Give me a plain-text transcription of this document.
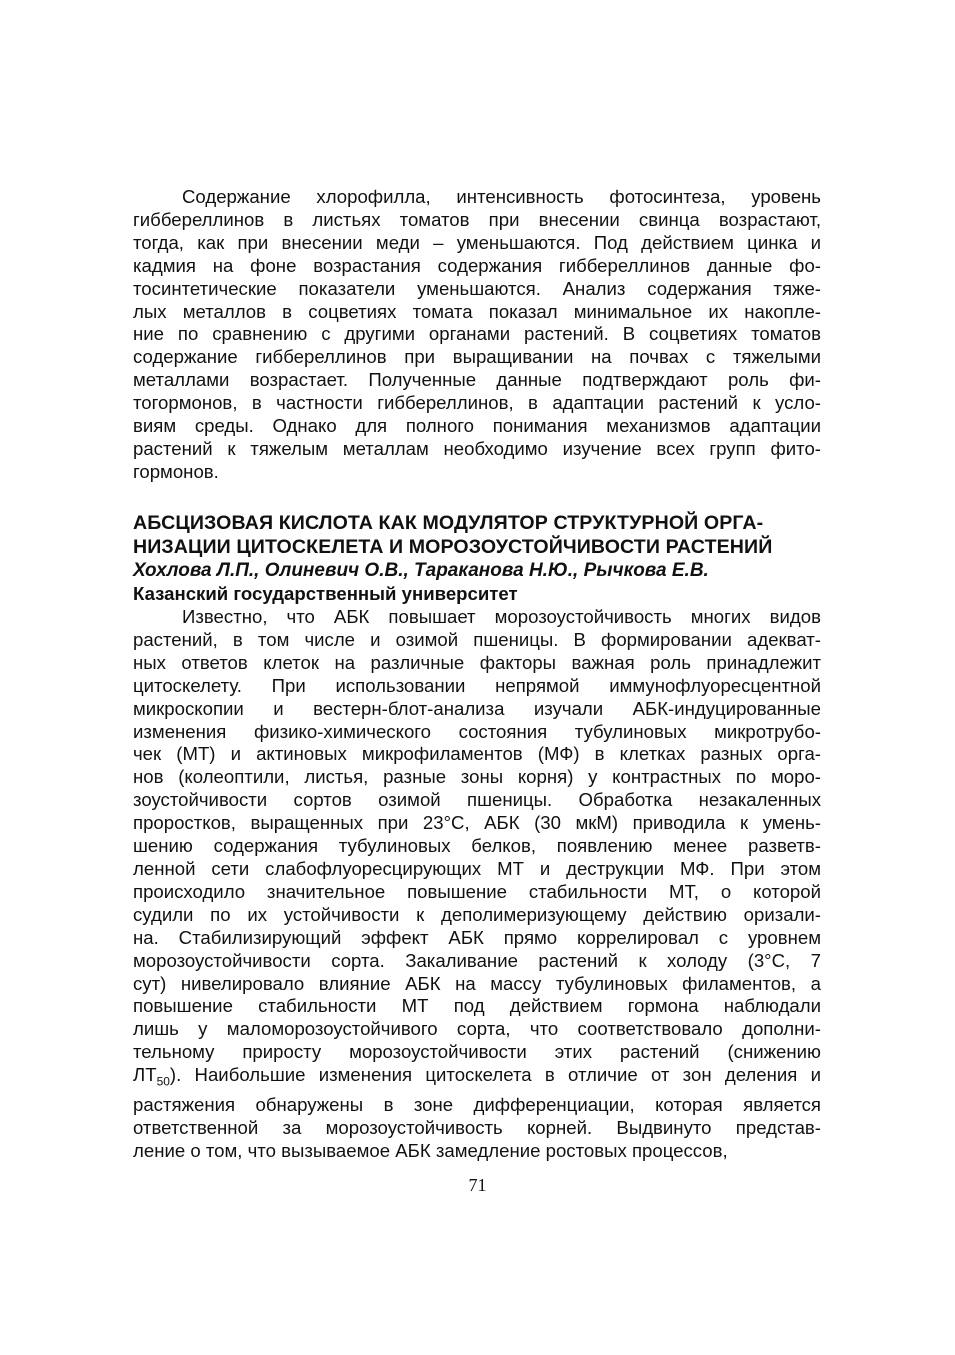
Содержание хлорофилла, интенсивность фотосинтеза, уровень
гиббереллинов в листьях томатов при внесении свинца возрастают,
тогда, как при внесении меди – уменьшаются. Под действием цинка и
кадмия на фоне возрастания содержания гиббереллинов данные фо-
тосинтетические показатели уменьшаются. Анализ содержания тяже-
лых металлов в соцветиях томата показал минимальное их накопле-
ние по сравнению с другими органами растений. В соцветиях томатов
содержание гиббереллинов при выращивании на почвах с тяжелыми
металлами возрастает. Полученные данные подтверждают роль фи-
тогормонов, в частности гиббереллинов, в адаптации растений к усло-
виям среды. Однако для полного понимания механизмов адаптации
растений к тяжелым металлам необходимо изучение всех групп фито-
гормонов.

АБСЦИЗОВАЯ КИСЛОТА КАК МОДУЛЯТОР СТРУКТУРНОЙ ОРГА-
НИЗАЦИИ ЦИТОСКЕЛЕТА И МОРОЗОУСТОЙЧИВОСТИ РАСТЕНИЙ

Хохлова Л.П., Олиневич О.В., Тараканова Н.Ю., Рычкова Е.В.

Казанский государственный университет

Известно, что АБК повышает морозоустойчивость многих видов
растений, в том числе и озимой пшеницы. В формировании адекват-
ных ответов клеток на различные факторы важная роль принадлежит
цитоскелету. При использовании непрямой иммунофлуоресцентной
микроскопии и вестерн-блот-анализа изучали АБК-индуцированные
изменения физико-химического состояния тубулиновых микротрубо-
чек (МТ) и актиновых микрофиламентов (МФ) в клетках разных орга-
нов (колеоптили, листья, разные зоны корня) у контрастных по моро-
зоустойчивости сортов озимой пшеницы. Обработка незакаленных
проростков, выращенных при 23°С, АБК (30 мкМ) приводила к умень-
шению содержания тубулиновых белков, появлению менее разветв-
ленной сети слабофлуоресцирующих МТ и деструкции МФ. При этом
происходило значительное повышение стабильности МТ, о которой
судили по их устойчивости к деполимеризующему действию оризали-
на. Стабилизирующий эффект АБК прямо коррелировал с уровнем
морозоустойчивости сорта. Закаливание растений к холоду (3°С, 7
сут) нивелировало влияние АБК на массу тубулиновых филаментов, а
повышение стабильности МТ под действием гормона наблюдали
лишь у маломорозоустойчивого сорта, что соответствовало дополни-
тельному приросту морозоустойчивости этих растений (снижению
$ЛТ_{50}$). Наибольшие изменения цитоскелета в отличие от зон деления и
растяжения обнаружены в зоне дифференциации, которая является
ответственной за морозоустойчивость корней. Выдвинуто представ-
ление о том, что вызываемое АБК замедление ростовых процессов,

71
